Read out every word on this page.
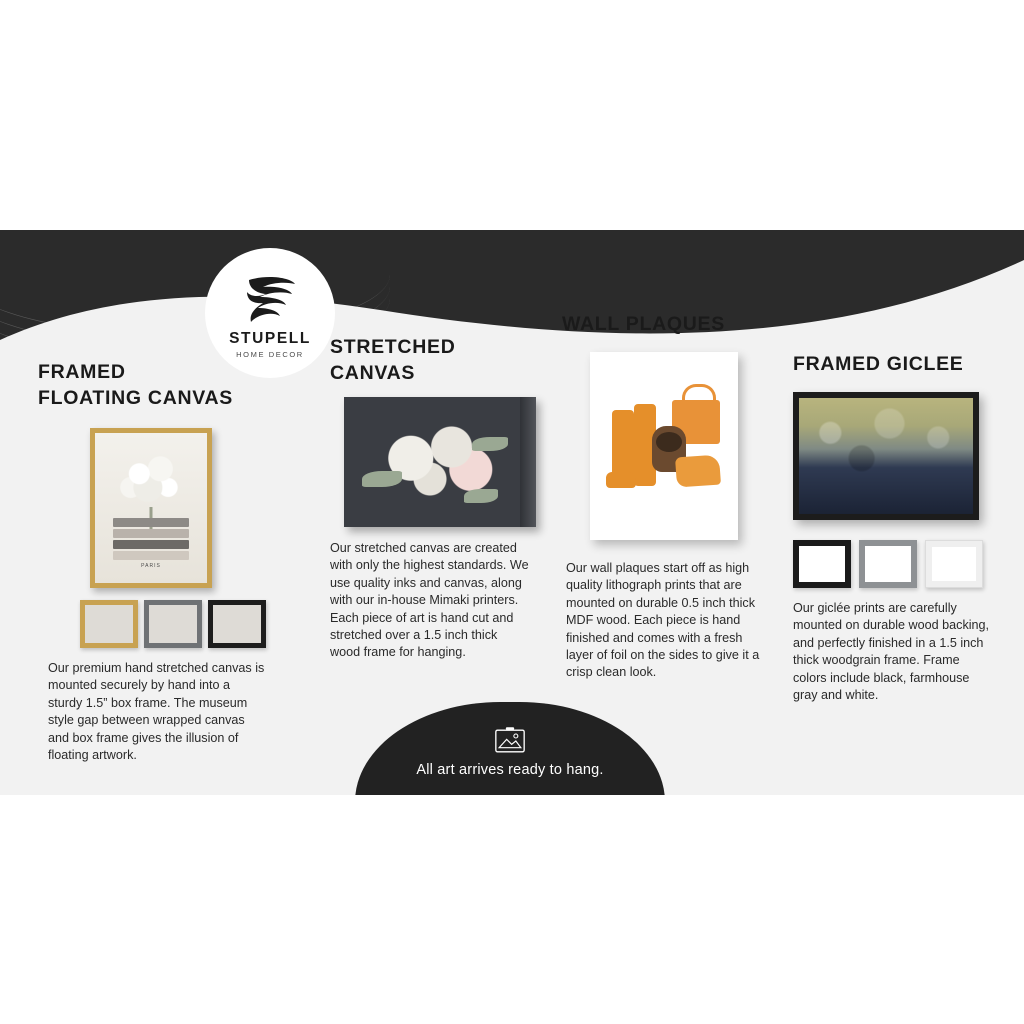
FRAMED
FLOATING CANVAS
PARIS
Our premium hand stretched canvas is mounted securely by hand into a sturdy 1.5” box frame. The museum style gap between wrapped canvas and box frame gives the illusion of floating artwork.
STRETCHED
CANVAS
Our stretched canvas are created with only the highest standards. We use quality inks and canvas, along with our in-house Mimaki printers. Each piece of art is hand cut and stretched over a 1.5 inch thick wood frame for hanging.
WALL PLAQUES
Our wall plaques start off as high quality lithograph prints that are mounted on durable 0.5 inch thick MDF wood. Each piece is hand finished and comes with a fresh layer of foil on the sides to give it a crisp clean look.
FRAMED GICLEE
Our giclée prints are carefully mounted on durable wood backing, and perfectly finished in a 1.5 inch thick woodgrain frame. Frame colors include black, farmhouse gray and white.
All art arrives ready to hang.
STUPELL
HOME DECOR
